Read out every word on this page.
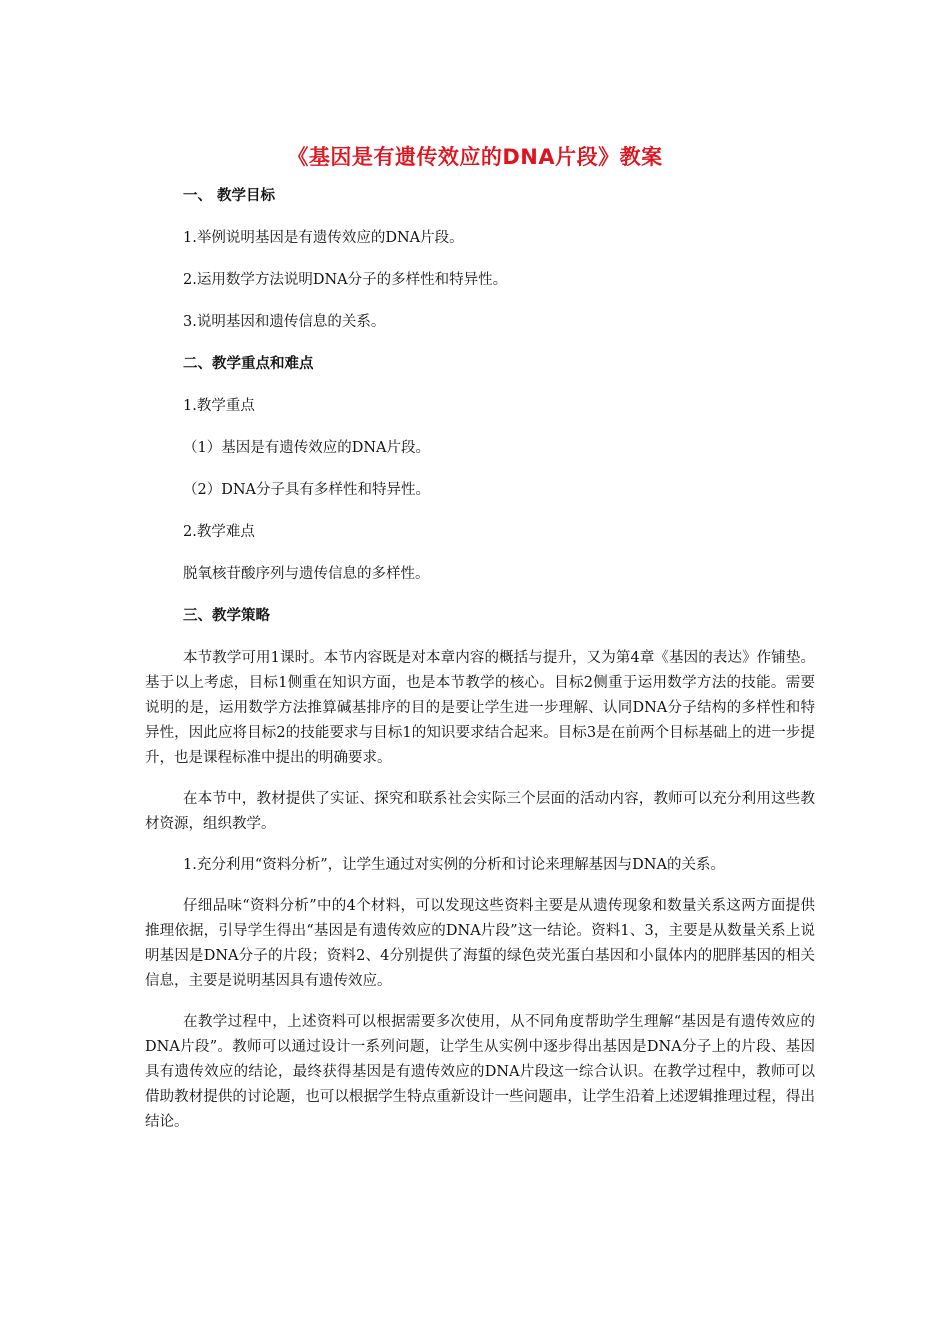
《基因是有遗传效应的DNA片段》教案
一、 教学目标
1.举例说明基因是有遗传效应的DNA片段。
2.运用数学方法说明DNA分子的多样性和特异性。
3.说明基因和遗传信息的关系。
二、教学重点和难点
1.教学重点
（1）基因是有遗传效应的DNA片段。
（2）DNA分子具有多样性和特异性。
2.教学难点
脱氧核苷酸序列与遗传信息的多样性。
三、教学策略

本节教学可用1课时。本节内容既是对本章内容的概括与提升，又为第4章《基因的表达》作铺垫。基于以上考虑，目标1侧重在知识方面，也是本节教学的核心。目标2侧重于运用数学方法的技能。需要说明的是，运用数学方法推算碱基排序的目的是要让学生进一步理解、认同DNA分子结构的多样性和特异性，因此应将目标2的技能要求与目标1的知识要求结合起来。目标3是在前两个目标基础上的进一步提升，也是课程标准中提出的明确要求。

在本节中，教材提供了实证、探究和联系社会实际三个层面的活动内容，教师可以充分利用这些教材资源，组织教学。

1.充分利用“资料分析”，让学生通过对实例的分析和讨论来理解基因与DNA的关系。

仔细品味“资料分析”中的4个材料，可以发现这些资料主要是从遗传现象和数量关系这两方面提供推理依据，引导学生得出“基因是有遗传效应的DNA片段”这一结论。资料1、3，主要是从数量关系上说明基因是DNA分子的片段；资料2、4分别提供了海蜇的绿色荧光蛋白基因和小鼠体内的肥胖基因的相关信息，主要是说明基因具有遗传效应。

在教学过程中，上述资料可以根据需要多次使用，从不同角度帮助学生理解“基因是有遗传效应的DNA片段”。教师可以通过设计一系列问题，让学生从实例中逐步得出基因是DNA分子上的片段、基因具有遗传效应的结论，最终获得基因是有遗传效应的DNA片段这一综合认识。在教学过程中，教师可以借助教材提供的讨论题，也可以根据学生特点重新设计一些问题串，让学生沿着上述逻辑推理过程，得出结论。
